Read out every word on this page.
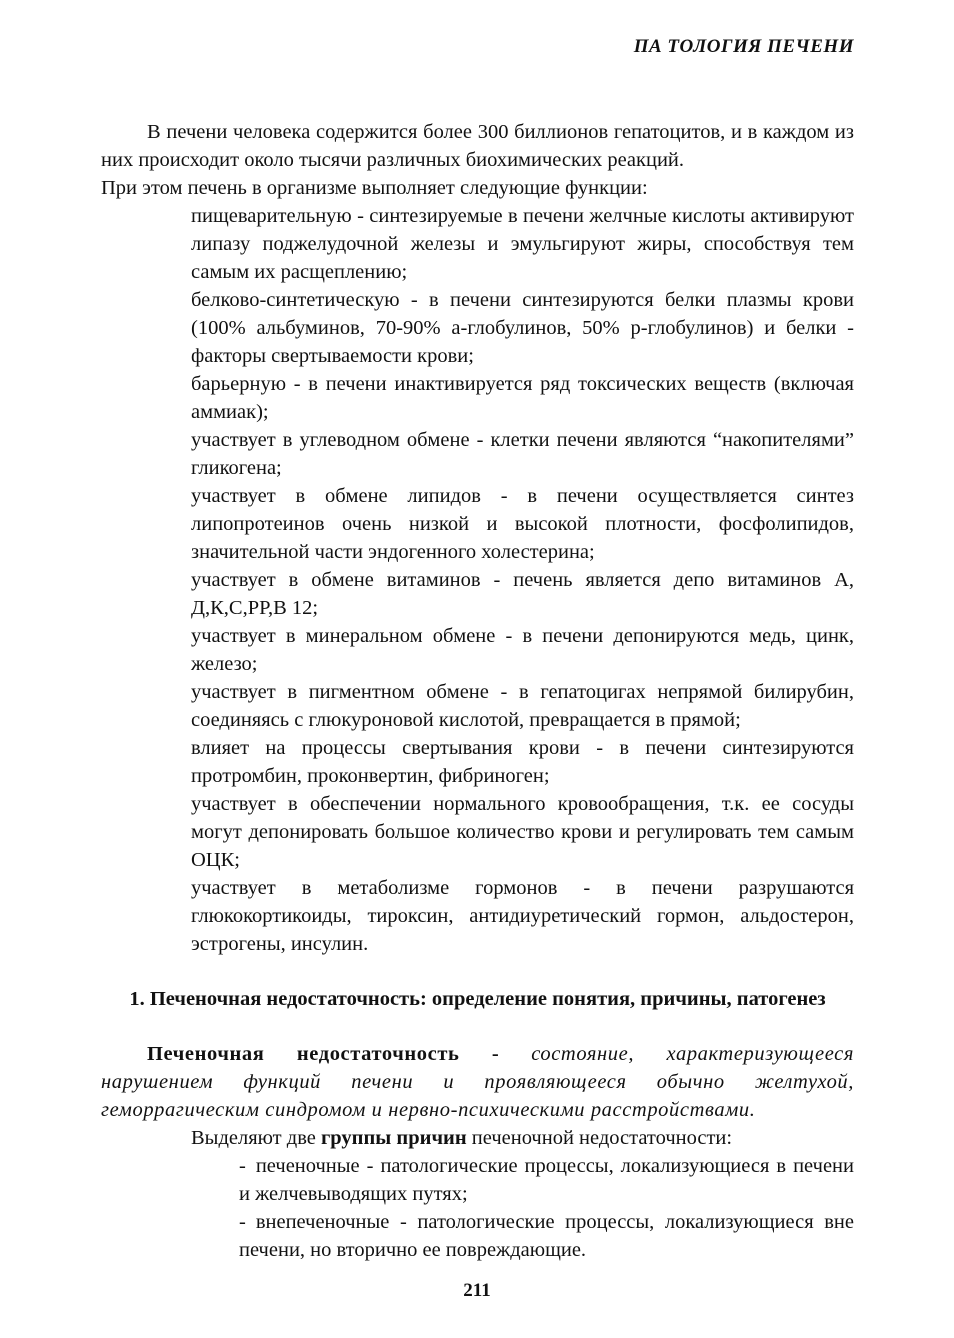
ПА ТОЛОГИЯ ПЕЧЕНИ

В печени человека содержится более 300 биллионов гепатоцитов, и в каждом из них происходит около тысячи различных биохимических реакций.

При этом печень в организме выполняет следующие функции:

пищеварительную - синтезируемые в печени желчные кислоты активируют липазу поджелудочной железы и эмульгируют жиры, способствуя тем самым их расщеплению;
белково-синтетическую - в печени синтезируются белки плазмы крови (100% альбуминов, 70-90% а-глобулинов, 50% р-глобулинов) и белки - факторы свертываемости крови;
барьерную - в печени инактивируется ряд токсических веществ (включая аммиак);
участвует в углеводном обмене - клетки печени являются “накопителями” гликогена;
участвует в обмене липидов - в печени осуществляется синтез липопротеинов очень низкой и высокой плотности, фосфолипидов, значительной части эндогенного холестерина;
участвует в обмене витаминов - печень является депо витаминов А, Д,К,С,РР,В 12;
участвует в минеральном обмене - в печени депонируются медь, цинк, железо;
участвует в пигментном обмене - в гепатоцигах непрямой билирубин, соединяясь с глюкуроновой кислотой, превращается в прямой;
влияет на процессы свертывания крови - в печени синтезируются протромбин, проконвертин, фибриноген;
участвует в обеспечении нормального кровообращения, т.к. ее сосуды могут депонировать большое количество крови и регулировать тем самым ОЦК;
участвует в метаболизме гормонов - в печени разрушаются глюкокортикоиды, тироксин, антидиуретический гормон, альдостерон, эстрогены, инсулин.
1. Печеночная недостаточность: определение понятия, причины, патогенез

Печеночная недостаточность - состояние, характеризующееся нарушением функций печени и проявляющееся обычно желтухой, геморрагическим синдромом и нервно-психическими расстройствами.

Выделяют две группы причин печеночной недостаточности:

- печеночные - патологические процессы, локализующиеся в печени и желчевыводящих путях;
- внепеченочные - патологические процессы, локализующиеся вне печени, но вторично ее повреждающие.
211
